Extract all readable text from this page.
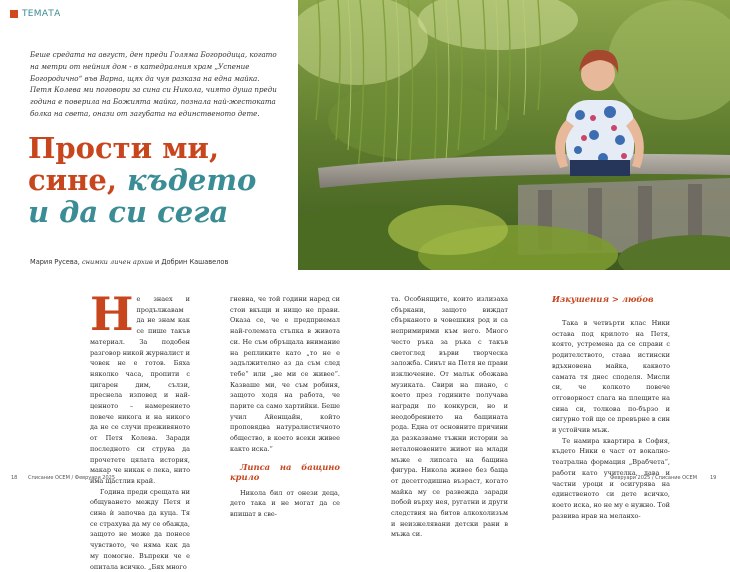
ТЕМАТА

Беше средата на август, ден преди Голяма Богородица, когато на метри от нейния дом - в катедралния храм „Успение Богородично“ във Варна, щях да чуя разказа на една майка. Петя Колева ми поговори за сина си Никола, чиято душа преди година е поверила на Божията майка, познала най-жестоката болка на света, онази от загубата на единственото дете.

Прости ми,
сине, където
и да си сега
Мария Русева, снимки личен архив и Добрин Кашавелов
Н е знаех и продължавам да не знам как се пише такъв материал. За подобен разговор никой журналист и човек не е готов. Бяха няколко часа, пропити с цигарен дим, сълзи, преснела изповед и най-ценното – намерението повече никога и на никого да не се случи преживяното от Петя Колева. Заради последното си струва да прочетете цялата история, макар че никак е лека, нито има щастлив край.

Година преди срещата ни общуването между Петя и сина ѝ започва да куца. Тя се страхува да му се обажда, защото не може да понесе чувството, че няма как да му помогне. Въпреки че е опитала всичко. „Бях много

гневна, че той години наред си стои вкъщи и нищо не прави. Оказа се, че е предприемал най-големата стъпка в живота си. Не съм обръщала внимание на репликите като „то не е задължително аз да съм след тебе“ или „не ми се живее“. Казваше ми, че съм робиня, защото ходя на работа, че парите са само хартийки. Беше учил Айенщайн, който проповядва натуралистичното общество, в което всеки живее както иска.“

Липса на бащино крило

Никола бил от онези деца, дето така и не могат да се впишат в све-

та. Особнящите, които излизаха сбъркани, защото виждат сбърканото в човешкия род и са непримирими към него. Много често ръка за ръка с такъв светоглед върви творческа заложба. Синът на Петя не прави изключение. От малък обожава музиката. Свири на пиано, с което през годините получава награди по конкурси, но и неодобрението на бащината рода. Една от основните причини да разказваме тъжни истории за неталоновените живот на млади мъже е липсата на бащина фигура. Никола живее без баща от десетгодишна възраст, когато майка му се развежда заради побой върху нея, ругатни и други следствия на битов алкохолизъм и неизжелявани детски рани в мъжа си.

Изкушения > любов

Така в четвърти клас Ники остава под крилото на Петя, която, устремена да се справи с родителството, става истински вдъхновена майка, каквото самата тя днес споделя. Мисли си, че колкото повече отговорност слага на плещите на сина си, толкова по-бързо и сигурно той ще се превърне в син и устойчив мъж.

Те намира квартира в София, където Ники е част от вокално-театрална формация „Врабчета“, работи като учителка, дава и частни уроци и осигурява на единственото си дете всичко, което иска, но не му е нужно. Той развива нрав на меланхо-

18 Списание ОСЕМ / Февруари 2025	Февруари 2025 / Списание ОСЕМ	19
